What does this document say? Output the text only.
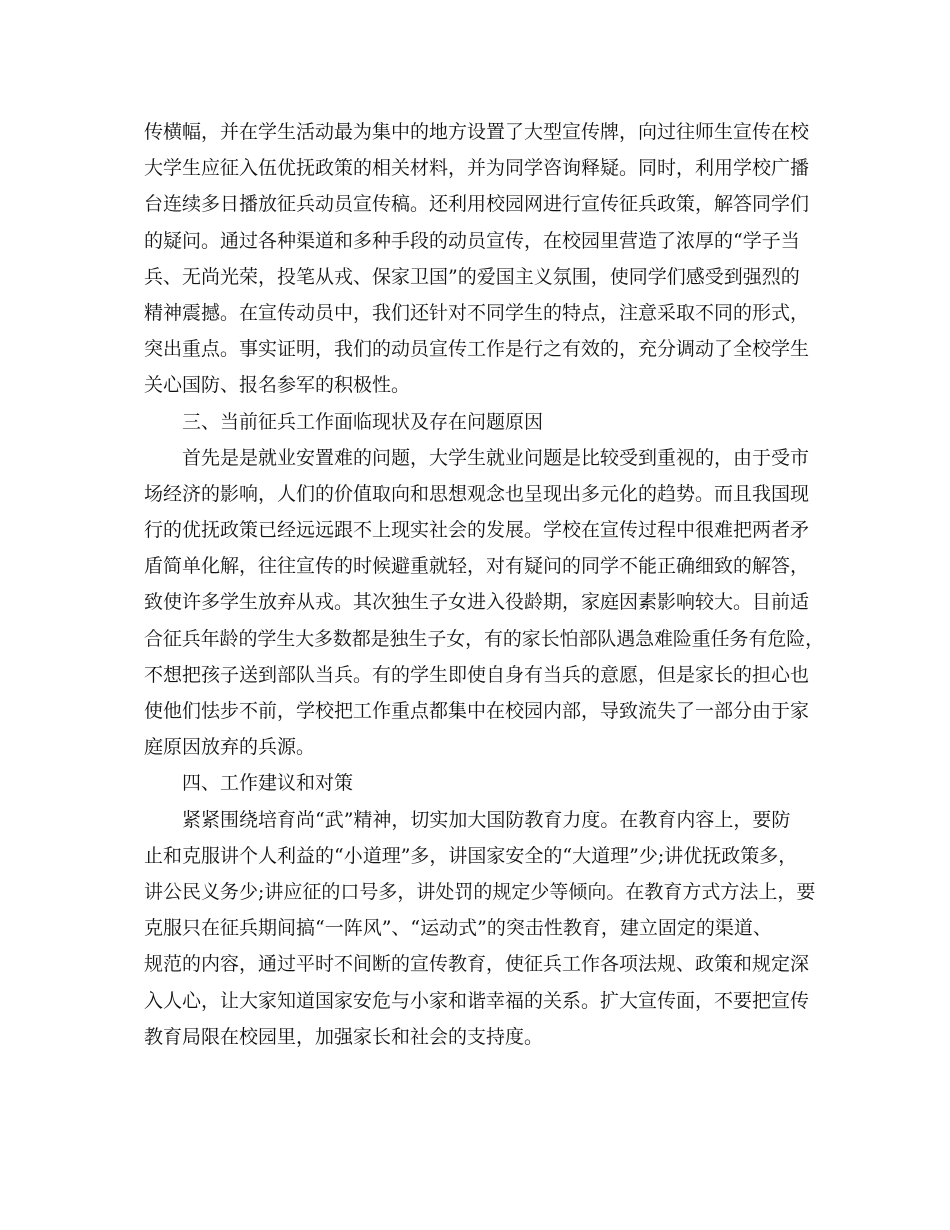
传横幅，并在学生活动最为集中的地方设置了大型宣传牌，向过往师生宣传在校
大学生应征入伍优抚政策的相关材料，并为同学咨询释疑。同时，利用学校广播
台连续多日播放征兵动员宣传稿。还利用校园网进行宣传征兵政策，解答同学们
的疑问。通过各种渠道和多种手段的动员宣传，在校园里营造了浓厚的“学子当
兵、无尚光荣，投笔从戎、保家卫国”的爱国主义氛围，使同学们感受到强烈的
精神震撼。在宣传动员中，我们还针对不同学生的特点，注意采取不同的形式，
突出重点。事实证明，我们的动员宣传工作是行之有效的，充分调动了全校学生
关心国防、报名参军的积极性。
　　三、当前征兵工作面临现状及存在问题原因
　　首先是是就业安置难的问题，大学生就业问题是比较受到重视的，由于受市
场经济的影响，人们的价值取向和思想观念也呈现出多元化的趋势。而且我国现
行的优抚政策已经远远跟不上现实社会的发展。学校在宣传过程中很难把两者矛
盾简单化解，往往宣传的时候避重就轻，对有疑问的同学不能正确细致的解答，
致使许多学生放弃从戎。其次独生子女进入役龄期，家庭因素影响较大。目前适
合征兵年龄的学生大多数都是独生子女，有的家长怕部队遇急难险重任务有危险，
不想把孩子送到部队当兵。有的学生即使自身有当兵的意愿，但是家长的担心也
使他们怯步不前，学校把工作重点都集中在校园内部，导致流失了一部分由于家
庭原因放弃的兵源。
　　四、工作建议和对策
　　紧紧围绕培育尚“武”精神，切实加大国防教育力度。在教育内容上，要防
止和克服讲个人利益的“小道理”多，讲国家安全的“大道理”少;讲优抚政策多，
讲公民义务少;讲应征的口号多，讲处罚的规定少等倾向。在教育方式方法上，要
克服只在征兵期间搞“一阵风”、“运动式”的突击性教育，建立固定的渠道、
规范的内容，通过平时不间断的宣传教育，使征兵工作各项法规、政策和规定深
入人心，让大家知道国家安危与小家和谐幸福的关系。扩大宣传面，不要把宣传
教育局限在校园里，加强家长和社会的支持度。
